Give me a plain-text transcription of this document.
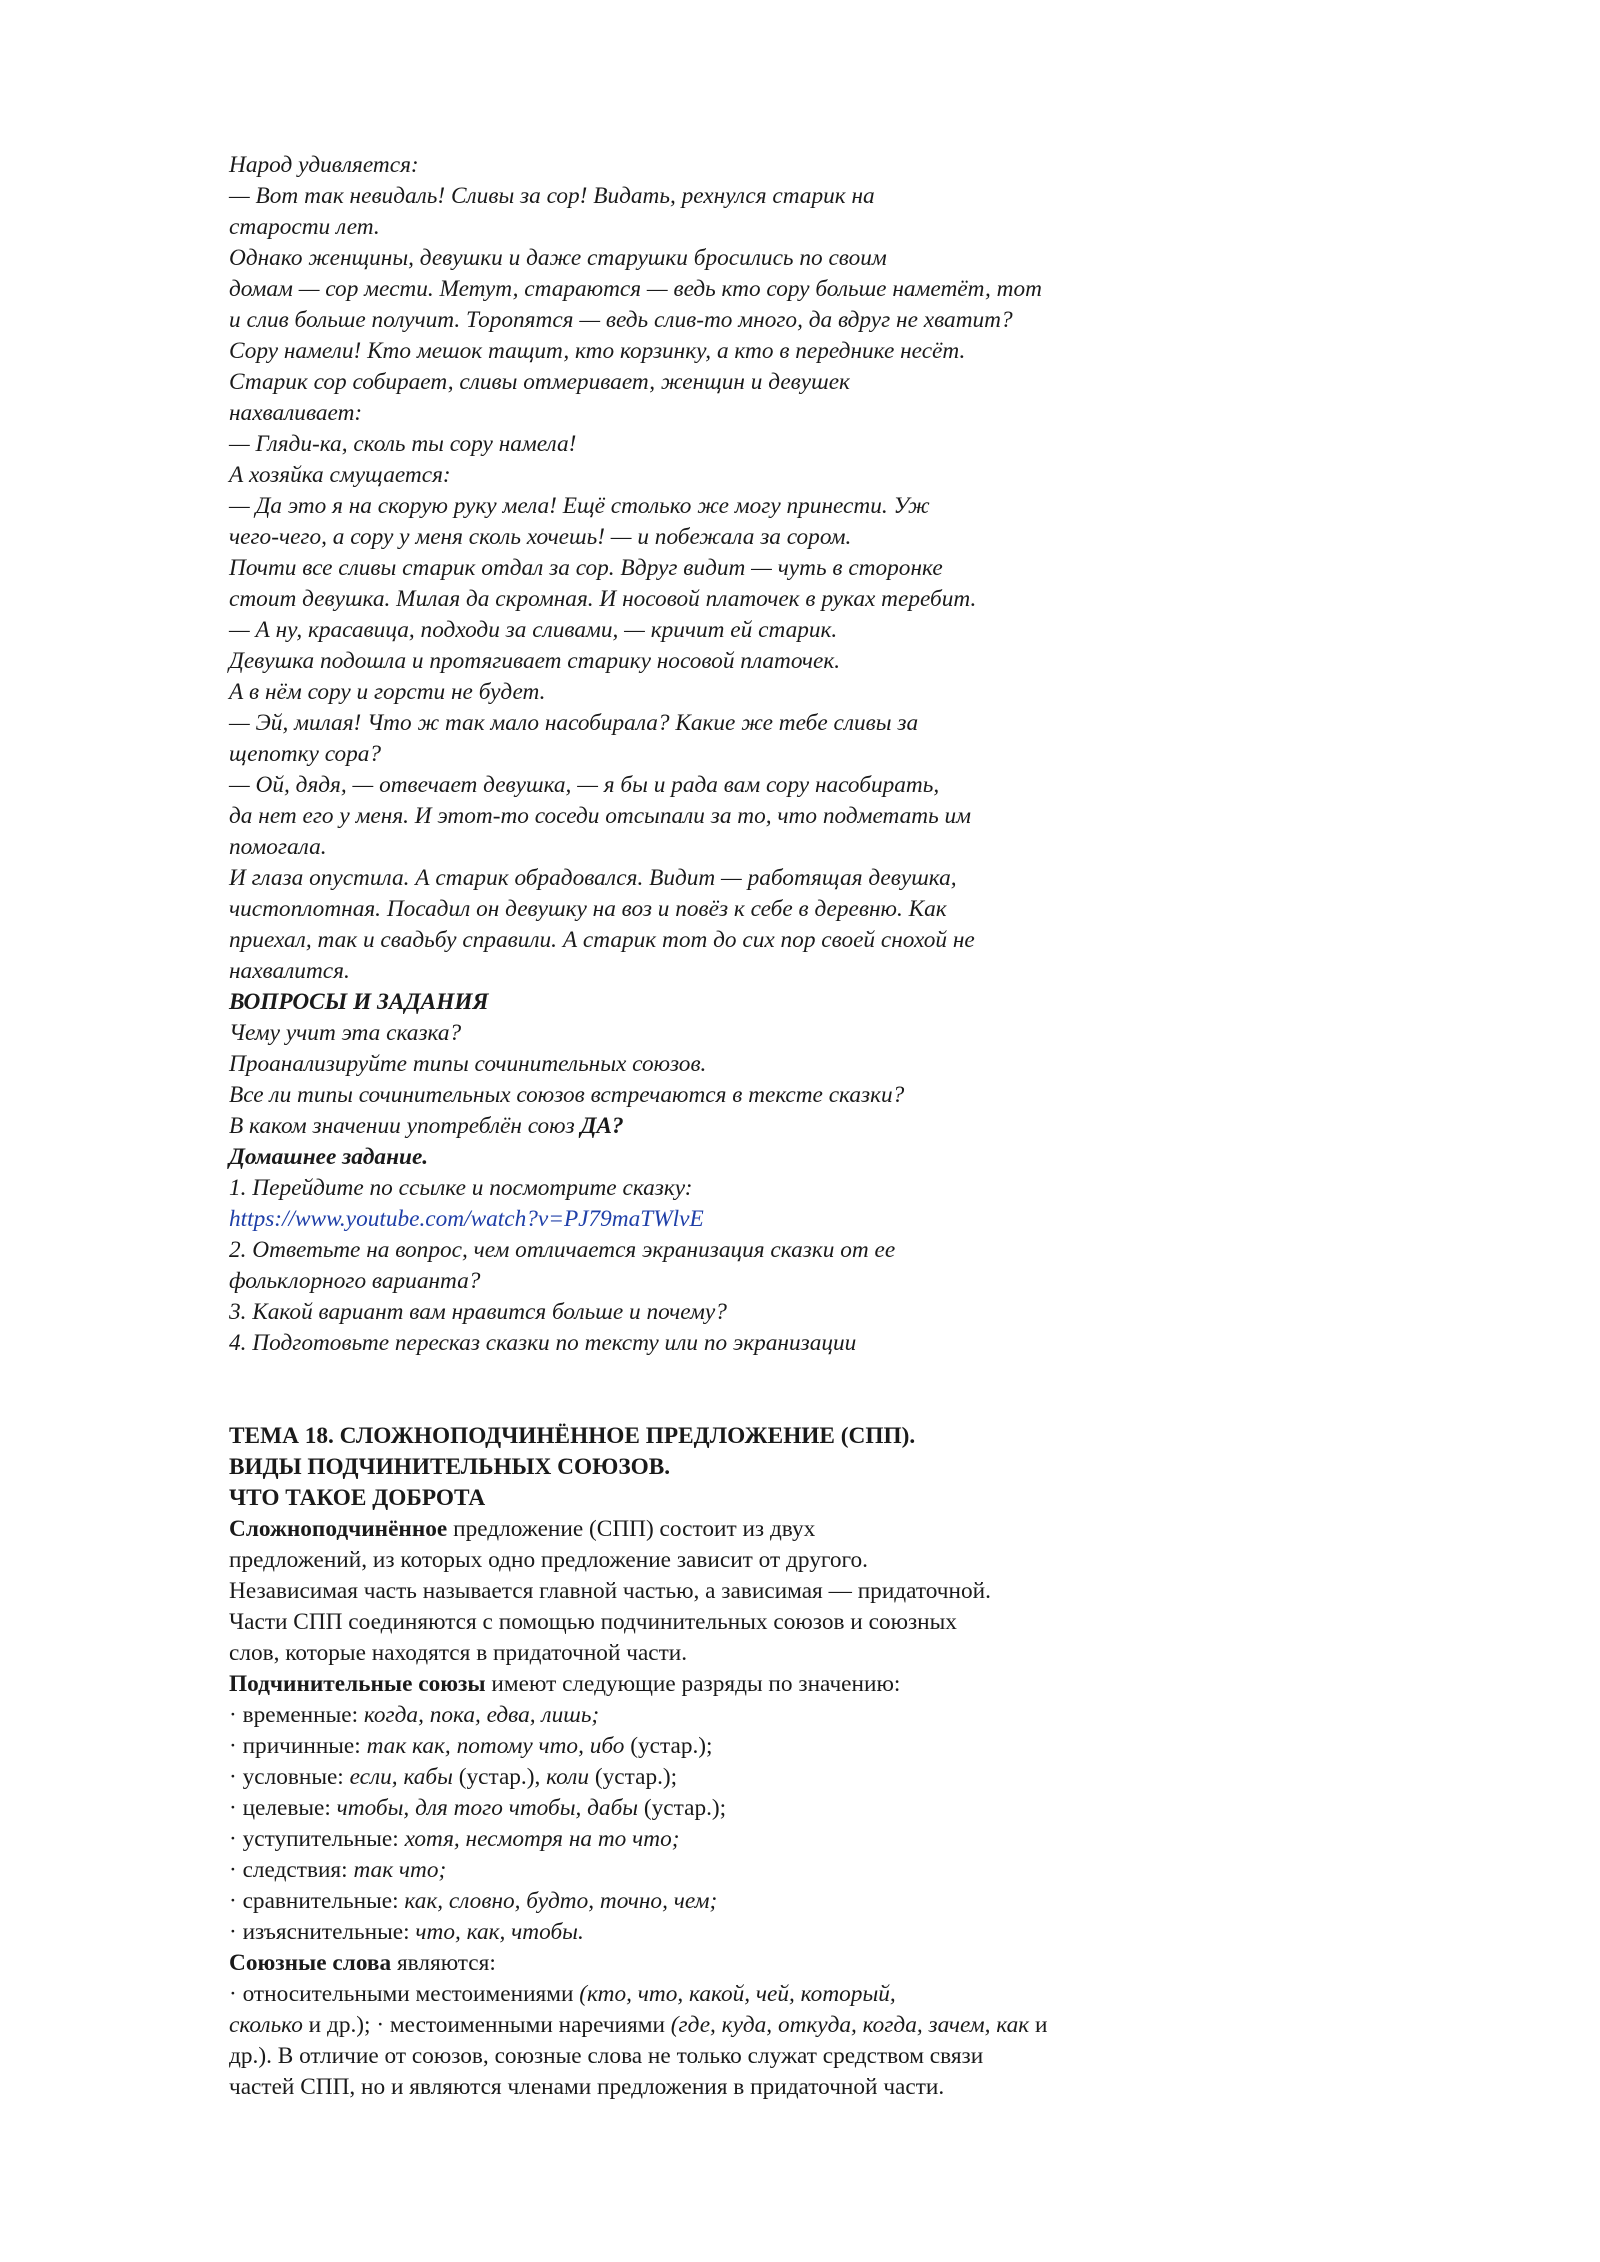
Народ удивляется:
— Вот так невидаль! Сливы за сор! Видать, рехнулся старик на
старости лет.
Однако женщины, девушки и даже старушки бросились по своим
домам — сор мести. Метут, стараются — ведь кто сору больше наметёт, тот
и слив больше получит. Торопятся — ведь слив-то много, да вдруг не хватит?
Сору намели! Кто мешок тащит, кто корзинку, а кто в переднике несёт.
Старик сор собирает, сливы отмеривает, женщин и девушек
нахваливает:
— Гляди-ка, сколь ты сору намела!
А хозяйка смущается:
— Да это я на скорую руку мела! Ещё столько же могу принести. Уж
чего-чего, а сору у меня сколь хочешь! — и побежала за сором.
Почти все сливы старик отдал за сор. Вдруг видит — чуть в сторонке
стоит девушка. Милая да скромная. И носовой платочек в руках теребит.
— А ну, красавица, подходи за сливами, — кричит ей старик.
Девушка подошла и протягивает старику носовой платочек.
А в нём сору и горсти не будет.
— Эй, милая! Что ж так мало насобирала? Какие же тебе сливы за
щепотку сора?
— Ой, дядя, — отвечает девушка, — я бы и рада вам сору насобирать,
да нет его у меня. И этот-то соседи отсыпали за то, что подметать им
помогала.
И глаза опустила. А старик обрадовался. Видит — работящая девушка,
чистоплотная. Посадил он девушку на воз и повёз к себе в деревню. Как
приехал, так и свадьбу справили. А старик тот до сих пор своей снохой не
нахвалится.
ВОПРОСЫ И ЗАДАНИЯ
Чему учит эта сказка?
Проанализируйте типы сочинительных союзов.
Все ли типы сочинительных союзов встречаются в тексте сказки?
В каком значении употреблён союз ДА?
Домашнее задание.
1. Перейдите по ссылке и посмотрите сказку:
https://www.youtube.com/watch?v=PJ79maTWlvE
2. Ответьте на вопрос, чем отличается экранизация сказки от ее
фольклорного варианта?
3. Какой вариант вам нравится больше и почему?
4. Подготовьте пересказ сказки по тексту или по экранизации
ТЕМА 18. СЛОЖНОПОДЧИНЁННОЕ ПРЕДЛОЖЕНИЕ (СПП).
ВИДЫ ПОДЧИНИТЕЛЬНЫХ СОЮЗОВ.
ЧТО ТАКОЕ ДОБРОТА
Сложноподчинённое предложение (СПП) состоит из двух
предложений, из которых одно предложение зависит от другого.
Независимая часть называется главной частью, а зависимая — придаточной.
Части СПП соединяются с помощью подчинительных союзов и союзных
слов, которые находятся в придаточной части.
Подчинительные союзы имеют следующие разряды по значению:
· временные: когда, пока, едва, лишь;
· причинные: так как, потому что, ибо (устар.);
· условные: если, кабы (устар.), коли (устар.);
· целевые: чтобы, для того чтобы, дабы (устар.);
· уступительные: хотя, несмотря на то что;
· следствия: так что;
· сравнительные: как, словно, будто, точно, чем;
· изъяснительные: что, как, чтобы.
Союзные слова являются:
· относительными местоимениями (кто, что, какой, чей, который,
сколько и др.); · местоименными наречиями (где, куда, откуда, когда, зачем, как и
др.). В отличие от союзов, союзные слова не только служат средством связи
частей СПП, но и являются членами предложения в придаточной части.
